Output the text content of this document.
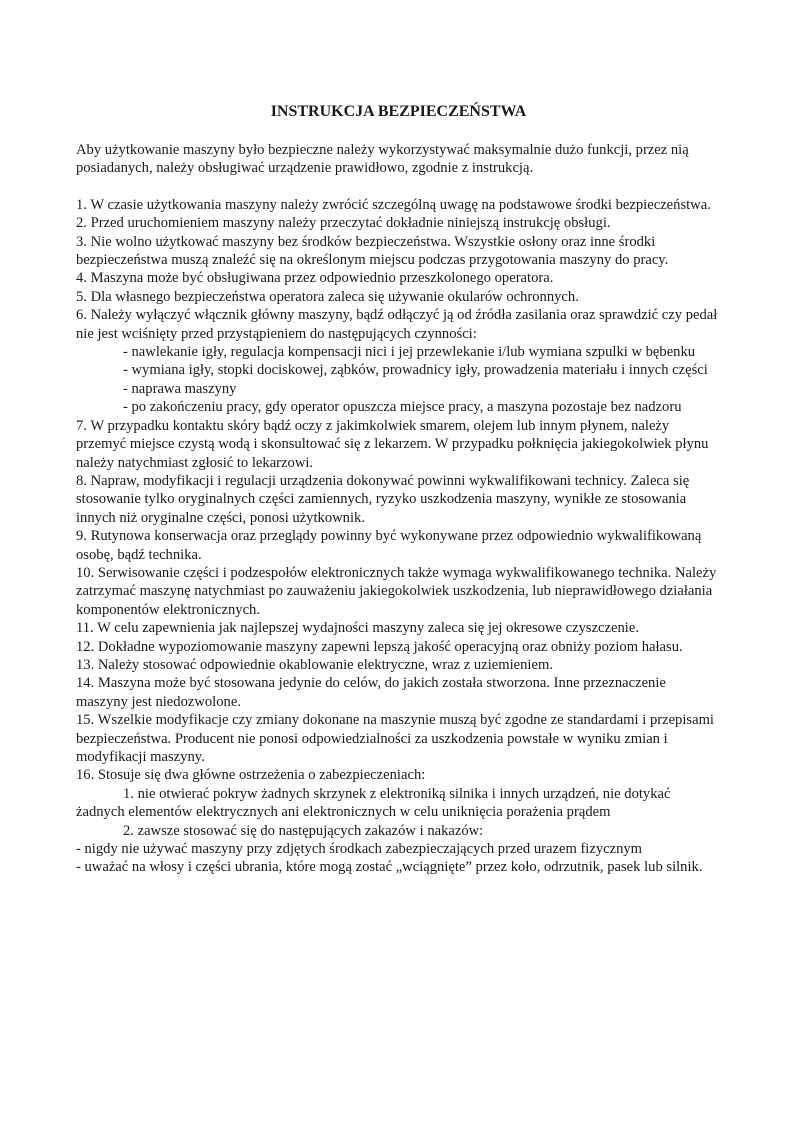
INSTRUKCJA BEZPIECZEŃSTWA

Aby użytkowanie maszyny było bezpieczne należy wykorzystywać maksymalnie dużo funkcji, przez nią posiadanych, należy obsługiwać urządzenie prawidłowo, zgodnie z instrukcją.

1. W czasie użytkowania maszyny należy zwrócić szczególną uwagę na podstawowe środki bezpieczeństwa.

2. Przed uruchomieniem maszyny należy przeczytać dokładnie niniejszą instrukcję obsługi.

3. Nie wolno użytkować maszyny bez środków bezpieczeństwa. Wszystkie osłony oraz inne środki bezpieczeństwa muszą znaleźć się na określonym miejscu podczas przygotowania maszyny do pracy.

4. Maszyna może być obsługiwana przez odpowiednio przeszkolonego operatora.

5. Dla własnego bezpieczeństwa operatora zaleca się używanie okularów ochronnych.

6. Należy wyłączyć włącznik główny maszyny, bądź odłączyć ją od źródła zasilania oraz sprawdzić czy pedał nie jest wciśnięty przed przystąpieniem do następujących czynności:

- nawlekanie igły, regulacja kompensacji nici i jej przewlekanie i/lub wymiana szpulki w bębenku

- wymiana igły, stopki dociskowej, ząbków, prowadnicy igły, prowadzenia materiału i innych części

- naprawa maszyny

- po zakończeniu pracy, gdy operator opuszcza miejsce pracy, a maszyna pozostaje bez nadzoru

7. W przypadku kontaktu skóry bądź oczy z jakimkolwiek smarem, olejem lub innym płynem, należy przemyć miejsce czystą wodą i skonsultować się z lekarzem. W przypadku połknięcia jakiegokolwiek płynu należy natychmiast zgłosić to lekarzowi.

8. Napraw, modyfikacji i regulacji urządzenia dokonywać powinni wykwalifikowani technicy. Zaleca się stosowanie tylko oryginalnych części zamiennych, ryzyko uszkodzenia maszyny, wynikłe ze stosowania innych niż oryginalne części, ponosi użytkownik.

9. Rutynowa konserwacja oraz przeglądy powinny być wykonywane przez odpowiednio wykwalifikowaną osobę, bądź technika.

10. Serwisowanie części i podzespołów elektronicznych także wymaga wykwalifikowanego technika. Należy zatrzymać maszynę natychmiast po zauważeniu jakiegokolwiek uszkodzenia, lub nieprawidłowego działania komponentów elektronicznych.

11. W celu zapewnienia jak najlepszej wydajności maszyny zaleca się jej okresowe czyszczenie.

12. Dokładne wypoziomowanie maszyny zapewni lepszą jakość operacyjną oraz obniży poziom hałasu.

13. Należy stosować odpowiednie okablowanie elektryczne, wraz z uziemieniem.

14. Maszyna może być stosowana jedynie do celów, do jakich została stworzona. Inne przeznaczenie maszyny jest niedozwolone.

15. Wszelkie modyfikacje czy zmiany dokonane na maszynie muszą być zgodne ze standardami i przepisami bezpieczeństwa. Producent nie ponosi odpowiedzialności za uszkodzenia powstałe w wyniku zmian i modyfikacji maszyny.

16. Stosuje się dwa główne ostrzeżenia o zabezpieczeniach:

1. nie otwierać pokryw żadnych skrzynek z elektroniką silnika i innych urządzeń, nie dotykać żadnych elementów elektrycznych ani elektronicznych w celu uniknięcia porażenia prądem

2. zawsze stosować się do następujących zakazów i nakazów:

- nigdy nie używać maszyny przy zdjętych środkach zabezpieczających przed urazem fizycznym

- uważać na włosy i części ubrania, które mogą zostać „wciągnięte” przez koło, odrzutnik, pasek lub silnik.
